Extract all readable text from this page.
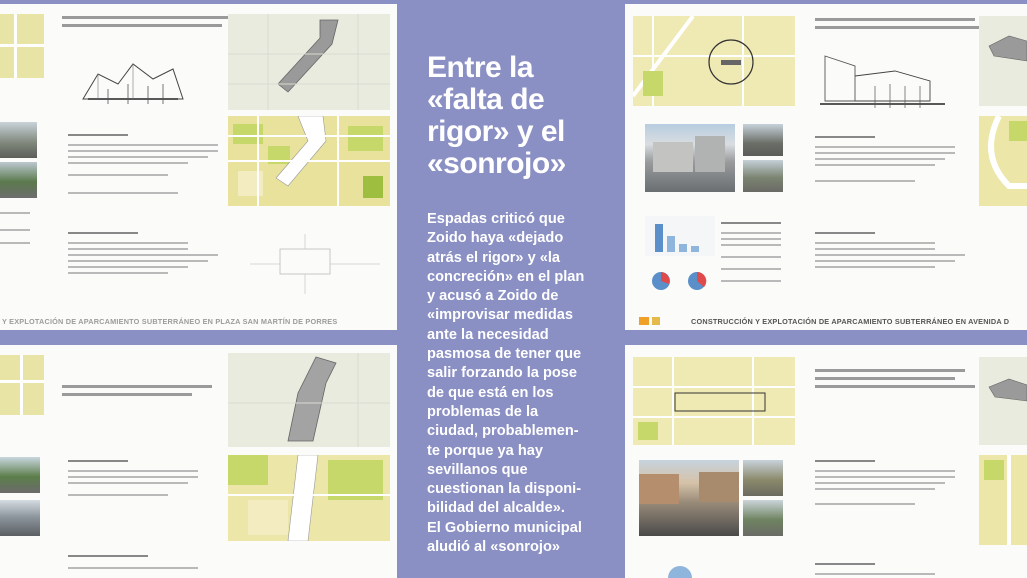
Y EXPLOTACIÓN DE APARCAMIENTO SUBTERRÁNEO EN PLAZA SAN MARTÍN DE PORRES
Entre la
«falta de
rigor» y el
«sonrojo»
Espadas criticó que
Zoido haya «dejado
atrás el rigor» y «la
concreción» en el plan
y acusó a Zoido de
«improvisar medidas
ante la necesidad
pasmosa de tener que
salir forzando la pose
de que está en los
problemas de la
ciudad, probablemen-
te porque ya hay
sevillanos que
cuestionan la disponi-
bilidad del alcalde».
El Gobierno municipal
aludió al «sonrojo»
CONSTRUCCIÓN Y EXPLOTACIÓN DE APARCAMIENTO SUBTERRÁNEO EN AVENIDA D
